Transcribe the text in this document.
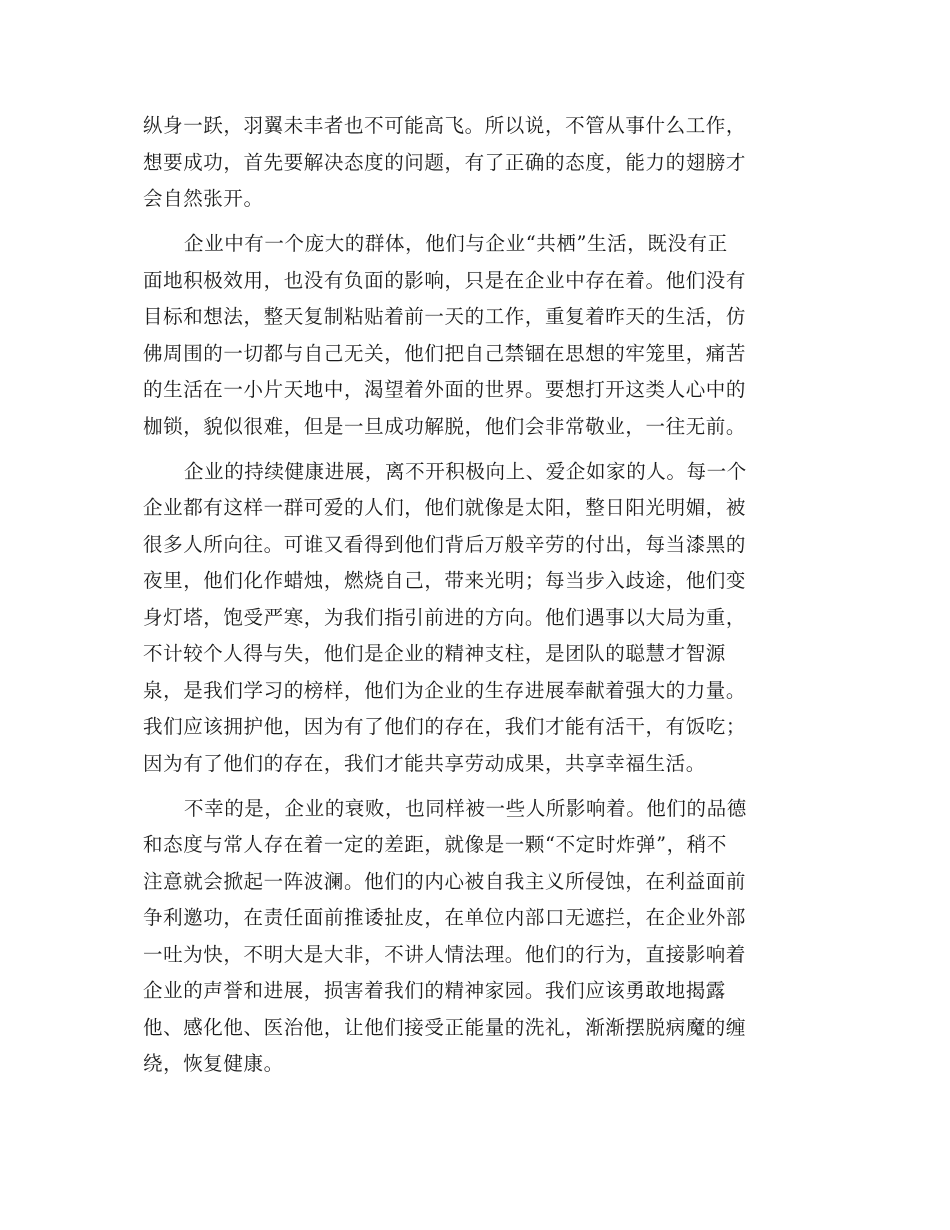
纵身一跃，羽翼未丰者也不可能高飞。所以说，不管从事什么工作，
想要成功，首先要解决态度的问题，有了正确的态度，能力的翅膀才
会自然张开。
企业中有一个庞大的群体，他们与企业“共栖”生活，既没有正
面地积极效用，也没有负面的影响，只是在企业中存在着。他们没有
目标和想法，整天复制粘贴着前一天的工作，重复着昨天的生活，仿
佛周围的一切都与自己无关，他们把自己禁锢在思想的牢笼里，痛苦
的生活在一小片天地中，渴望着外面的世界。要想打开这类人心中的
枷锁，貌似很难，但是一旦成功解脱，他们会非常敬业，一往无前。
企业的持续健康进展，离不开积极向上、爱企如家的人。每一个
企业都有这样一群可爱的人们，他们就像是太阳，整日阳光明媚，被
很多人所向往。可谁又看得到他们背后万般辛劳的付出，每当漆黑的
夜里，他们化作蜡烛，燃烧自己，带来光明；每当步入歧途，他们变
身灯塔，饱受严寒，为我们指引前进的方向。他们遇事以大局为重，
不计较个人得与失，他们是企业的精神支柱，是团队的聪慧才智源
泉，是我们学习的榜样，他们为企业的生存进展奉献着强大的力量。
我们应该拥护他，因为有了他们的存在，我们才能有活干，有饭吃；
因为有了他们的存在，我们才能共享劳动成果，共享幸福生活。
不幸的是，企业的衰败，也同样被一些人所影响着。他们的品德
和态度与常人存在着一定的差距，就像是一颗“不定时炸弹”，稍不
注意就会掀起一阵波澜。他们的内心被自我主义所侵蚀，在利益面前
争利邀功，在责任面前推诿扯皮，在单位内部口无遮拦，在企业外部
一吐为快，不明大是大非，不讲人情法理。他们的行为，直接影响着
企业的声誉和进展，损害着我们的精神家园。我们应该勇敢地揭露
他、感化他、医治他，让他们接受正能量的洗礼，渐渐摆脱病魔的缠
绕，恢复健康。
